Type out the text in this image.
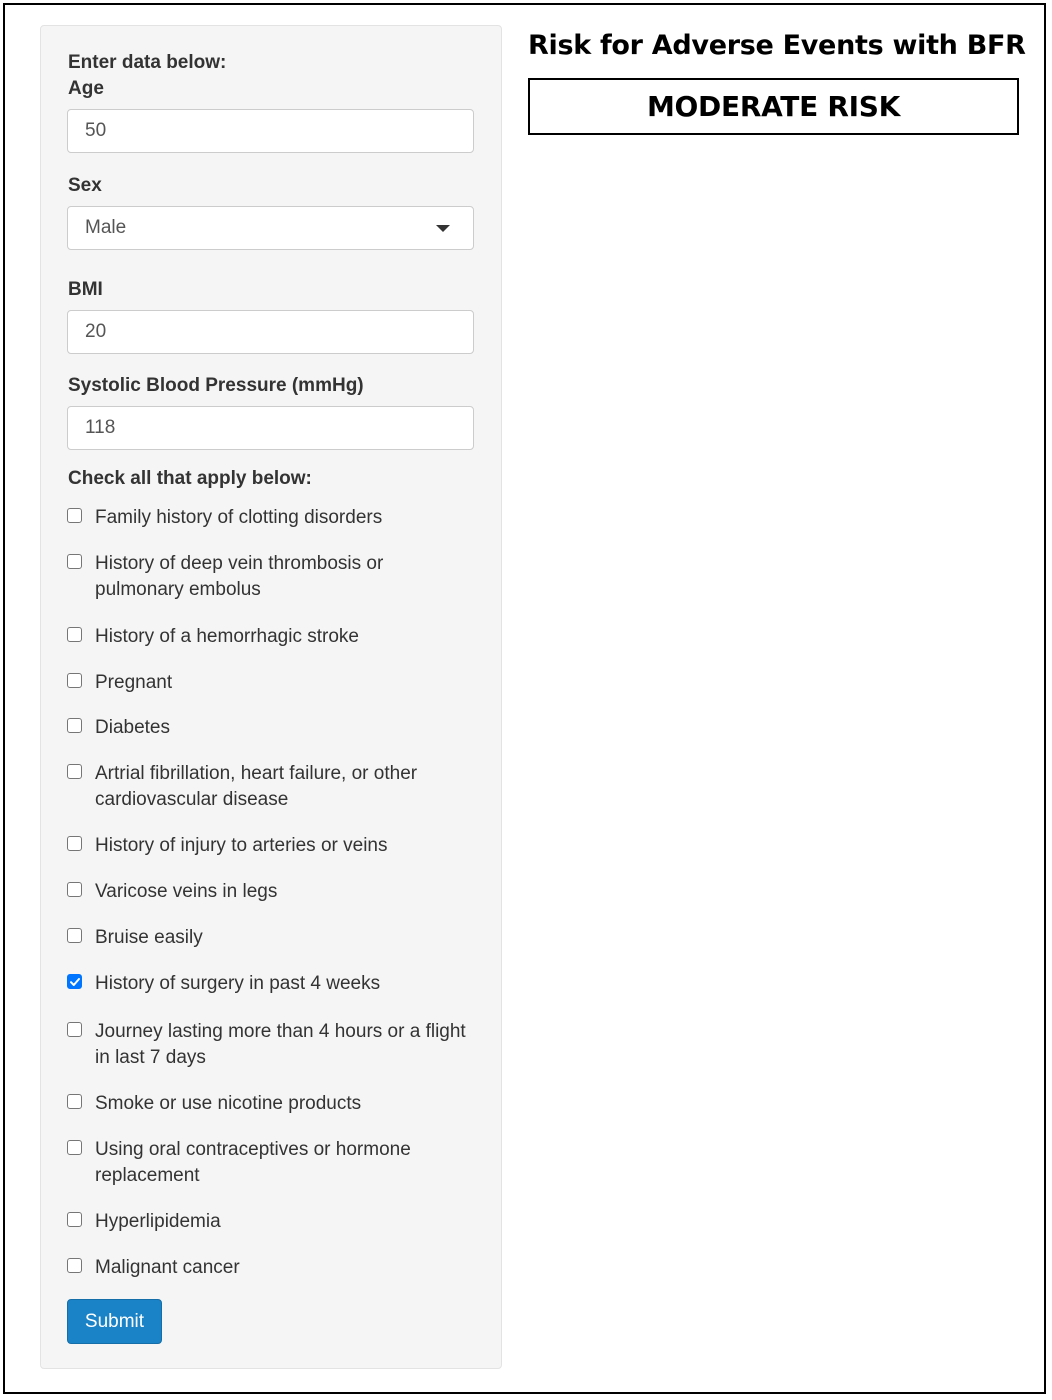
Enter data below:
Age
50
Sex
Male
BMI
20
Systolic Blood Pressure (mmHg)
118
Check all that apply below:
Family history of clotting disorders
History of deep vein thrombosis or pulmonary embolus
History of a hemorrhagic stroke
Pregnant
Diabetes
Artrial fibrillation, heart failure, or other cardiovascular disease
History of injury to arteries or veins
Varicose veins in legs
Bruise easily
History of surgery in past 4 weeks
Journey lasting more than 4 hours or a flight in last 7 days
Smoke or use nicotine products
Using oral contraceptives or hormone replacement
Hyperlipidemia
Malignant cancer
Submit
Risk for Adverse Events with BFR
MODERATE RISK
